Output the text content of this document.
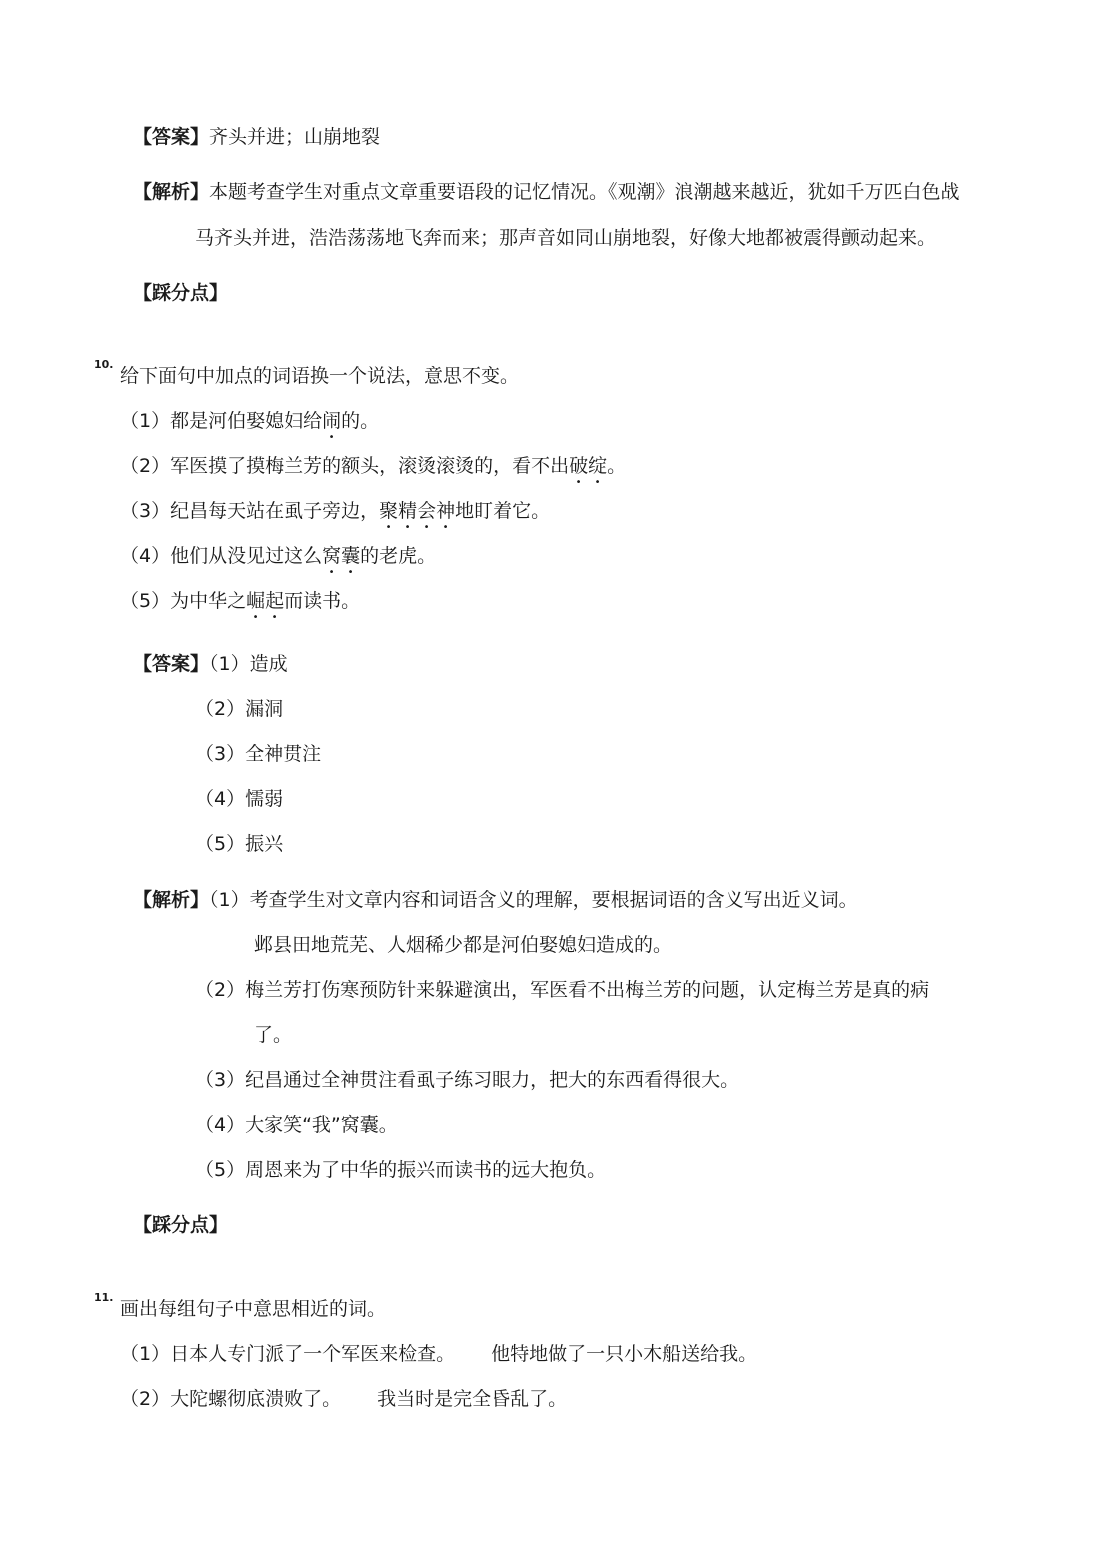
【答案】齐头并进；山崩地裂
【解析】本题考查学生对重点文章重要语段的记忆情况。《观潮》浪潮越来越近，犹如千万匹白色战
马齐头并进，浩浩荡荡地飞奔而来；那声音如同山崩地裂，好像大地都被震得颤动起来。
【踩分点】
10.
给下面句中加点的词语换一个说法，意思不变。
（1）都是河伯娶媳妇给闹的。
（2）军医摸了摸梅兰芳的额头，滚烫滚烫的，看不出破绽。
（3）纪昌每天站在虱子旁边，聚精会神地盯着它。
（4）他们从没见过这么窝囊的老虎。
（5）为中华之崛起而读书。
【答案】（1）造成
（2）漏洞
（3）全神贯注
（4）懦弱
（5）振兴
【解析】（1）考查学生对文章内容和词语含义的理解，要根据词语的含义写出近义词。
邺县田地荒芜、人烟稀少都是河伯娶媳妇造成的。
（2）梅兰芳打伤寒预防针来躲避演出，军医看不出梅兰芳的问题，认定梅兰芳是真的病
了。
（3）纪昌通过全神贯注看虱子练习眼力，把大的东西看得很大。
（4）大家笑“我”窝囊。
（5）周恩来为了中华的振兴而读书的远大抱负。
【踩分点】
11.
画出每组句子中意思相近的词。
（1）日本人专门派了一个军医来检查。 他特地做了一只小木船送给我。
（2）大陀螺彻底溃败了。 我当时是完全昏乱了。
